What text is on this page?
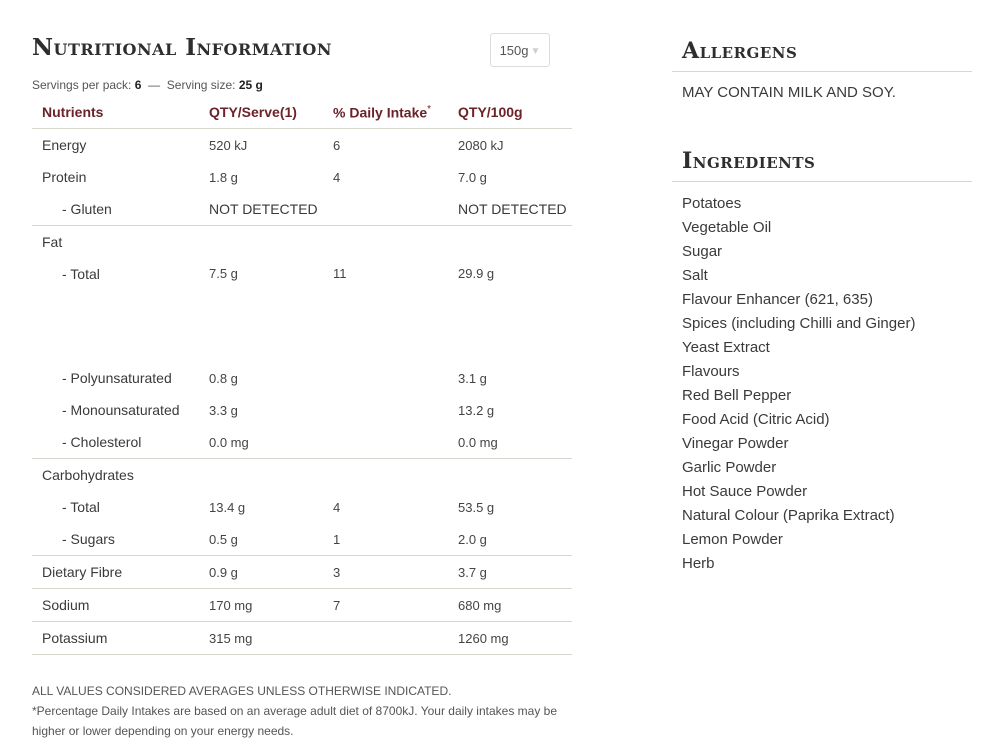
Nutritional Information	150g ▼
Servings per pack: 6 — Serving size: 25 g
Nutrients	QTY/Serve(1)	% Daily Intake*	QTY/100g
Energy	520 kJ	6	2080 kJ
Protein	1.8 g	4	7.0 g
- Gluten	NOT DETECTED		NOT DETECTED
Fat			
- Total	7.5 g	11	29.9 g
- Polyunsaturated	0.8 g		3.1 g
- Monounsaturated	3.3 g		13.2 g
- Cholesterol	0.0 mg		0.0 mg
Carbohydrates			
- Total	13.4 g	4	53.5 g
- Sugars	0.5 g	1	2.0 g
Dietary Fibre	0.9 g	3	3.7 g
Sodium	170 mg	7	680 mg
Potassium	315 mg		1260 mg
ALL VALUES CONSIDERED AVERAGES UNLESS OTHERWISE INDICATED.
*Percentage Daily Intakes are based on an average adult diet of 8700kJ. Your daily intakes may be higher or lower depending on your energy needs.
Allergens
MAY CONTAIN MILK AND SOY.
Ingredients
Potatoes
Vegetable Oil
Sugar
Salt
Flavour Enhancer (621, 635)
Spices (including Chilli and Ginger)
Yeast Extract
Flavours
Red Bell Pepper
Food Acid (Citric Acid)
Vinegar Powder
Garlic Powder
Hot Sauce Powder
Natural Colour (Paprika Extract)
Lemon Powder
Herb
